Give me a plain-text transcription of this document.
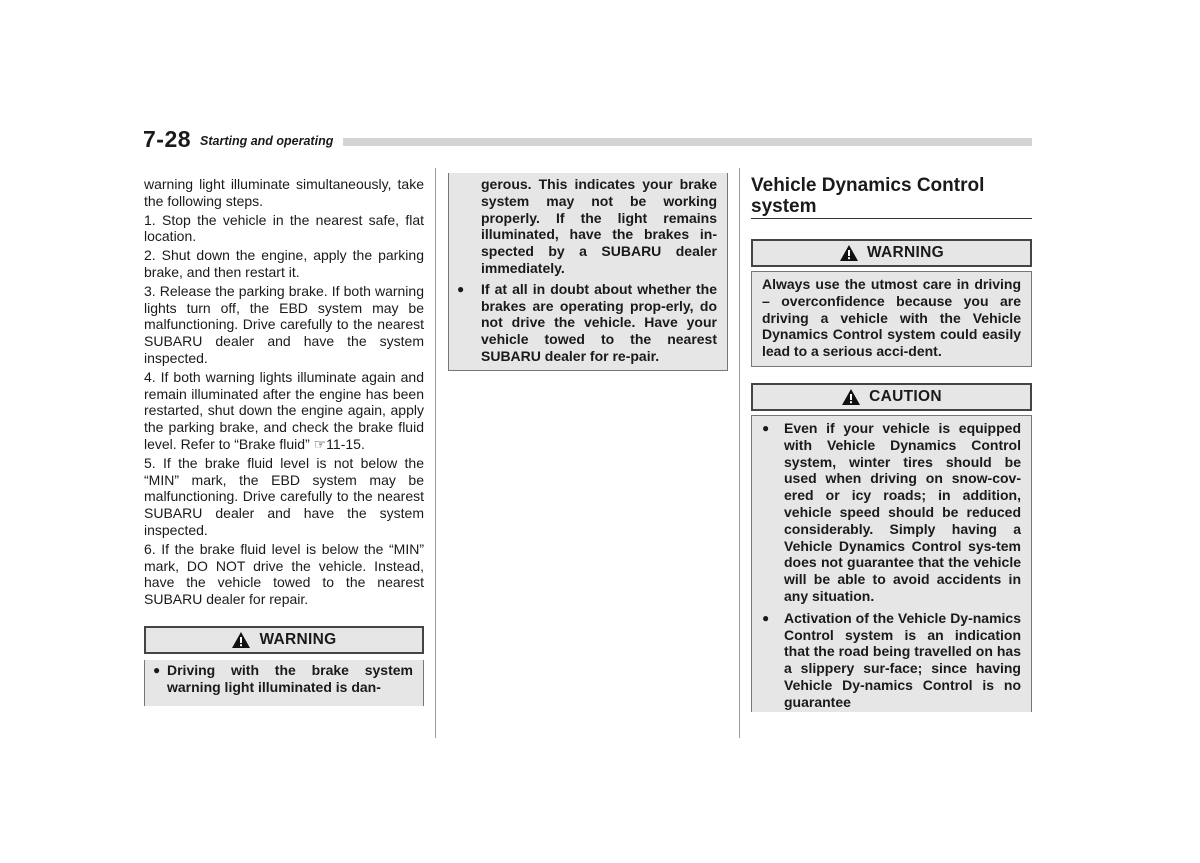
7-28 Starting and operating

warning light illuminate simultaneously, take the following steps.

1. Stop the vehicle in the nearest safe, flat location.

2. Shut down the engine, apply the parking brake, and then restart it.

3. Release the parking brake. If both warning lights turn off, the EBD system may be malfunctioning. Drive carefully to the nearest SUBARU dealer and have the system inspected.

4. If both warning lights illuminate again and remain illuminated after the engine has been restarted, shut down the engine again, apply the parking brake, and check the brake fluid level. Refer to “Brake fluid” ☞11-15.

5. If the brake fluid level is not below the “MIN” mark, the EBD system may be malfunctioning. Drive carefully to the nearest SUBARU dealer and have the system inspected.

6. If the brake fluid level is below the “MIN” mark, DO NOT drive the vehicle. Instead, have the vehicle towed to the nearest SUBARU dealer for repair.

WARNING
● Driving with the brake system warning light illuminated is dan-
gerous. This indicates your brake system may not be working properly. If the light remains illuminated, have the brakes in-spected by a SUBARU dealer immediately.
●	If at all in doubt about whether the brakes are operating prop-erly, do not drive the vehicle. Have your vehicle towed to the nearest SUBARU dealer for re-pair.
Vehicle Dynamics Control system
WARNING

Always use the utmost care in driving – overconfidence because you are driving a vehicle with the Vehicle Dynamics Control system could easily lead to a serious acci-dent.

CAUTION
●	Even if your vehicle is equipped with Vehicle Dynamics Control system, winter tires should be used when driving on snow-cov-ered or icy roads; in addition, vehicle speed should be reduced considerably. Simply having a Vehicle Dynamics Control sys-tem does not guarantee that the vehicle will be able to avoid accidents in any situation.
●	Activation of the Vehicle Dy-namics Control system is an indication that the road being travelled on has a slippery sur-face; since having Vehicle Dy-namics Control is no guarantee
